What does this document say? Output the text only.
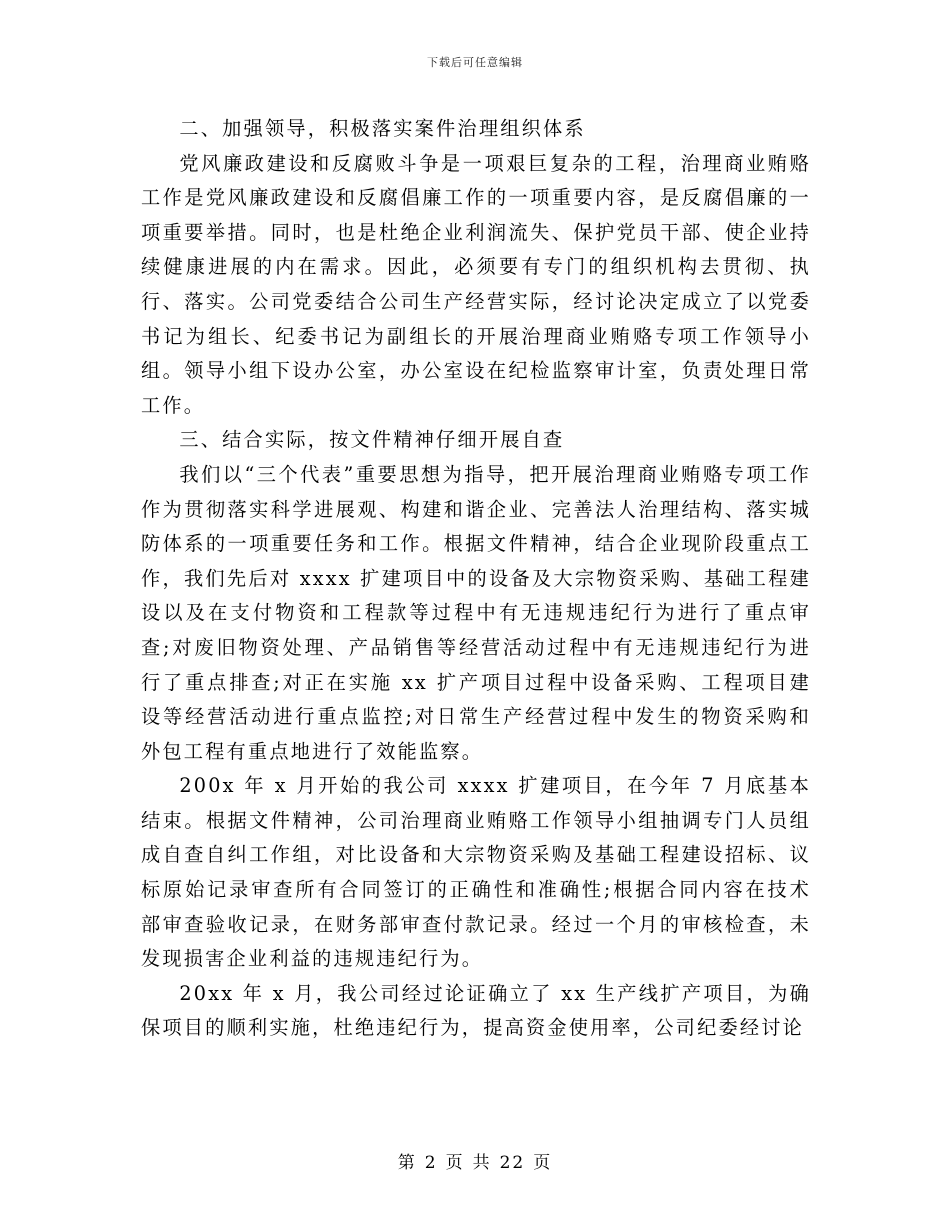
下载后可任意编辑

二、加强领导，积极落实案件治理组织体系

党风廉政建设和反腐败斗争是一项艰巨复杂的工程，治理商业贿赂工作是党风廉政建设和反腐倡廉工作的一项重要内容，是反腐倡廉的一项重要举措。同时，也是杜绝企业利润流失、保护党员干部、使企业持续健康进展的内在需求。因此，必须要有专门的组织机构去贯彻、执行、落实。公司党委结合公司生产经营实际，经讨论决定成立了以党委书记为组长、纪委书记为副组长的开展治理商业贿赂专项工作领导小组。领导小组下设办公室，办公室设在纪检监察审计室，负责处理日常工作。

三、结合实际，按文件精神仔细开展自查

我们以“三个代表”重要思想为指导，把开展治理商业贿赂专项工作作为贯彻落实科学进展观、构建和谐企业、完善法人治理结构、落实城防体系的一项重要任务和工作。根据文件精神，结合企业现阶段重点工作，我们先后对 xxxx 扩建项目中的设备及大宗物资采购、基础工程建设以及在支付物资和工程款等过程中有无违规违纪行为进行了重点审查;对废旧物资处理、产品销售等经营活动过程中有无违规违纪行为进行了重点排查;对正在实施 xx 扩产项目过程中设备采购、工程项目建设等经营活动进行重点监控;对日常生产经营过程中发生的物资采购和外包工程有重点地进行了效能监察。

200x 年 x 月开始的我公司 xxxx 扩建项目，在今年 7 月底基本结束。根据文件精神，公司治理商业贿赂工作领导小组抽调专门人员组成自查自纠工作组，对比设备和大宗物资采购及基础工程建设招标、议标原始记录审查所有合同签订的正确性和准确性;根据合同内容在技术部审查验收记录，在财务部审查付款记录。经过一个月的审核检查，未发现损害企业利益的违规违纪行为。

20xx 年 x 月，我公司经过论证确立了 xx 生产线扩产项目，为确保项目的顺利实施，杜绝违纪行为，提高资金使用率，公司纪委经讨论

第 2 页 共 22 页
